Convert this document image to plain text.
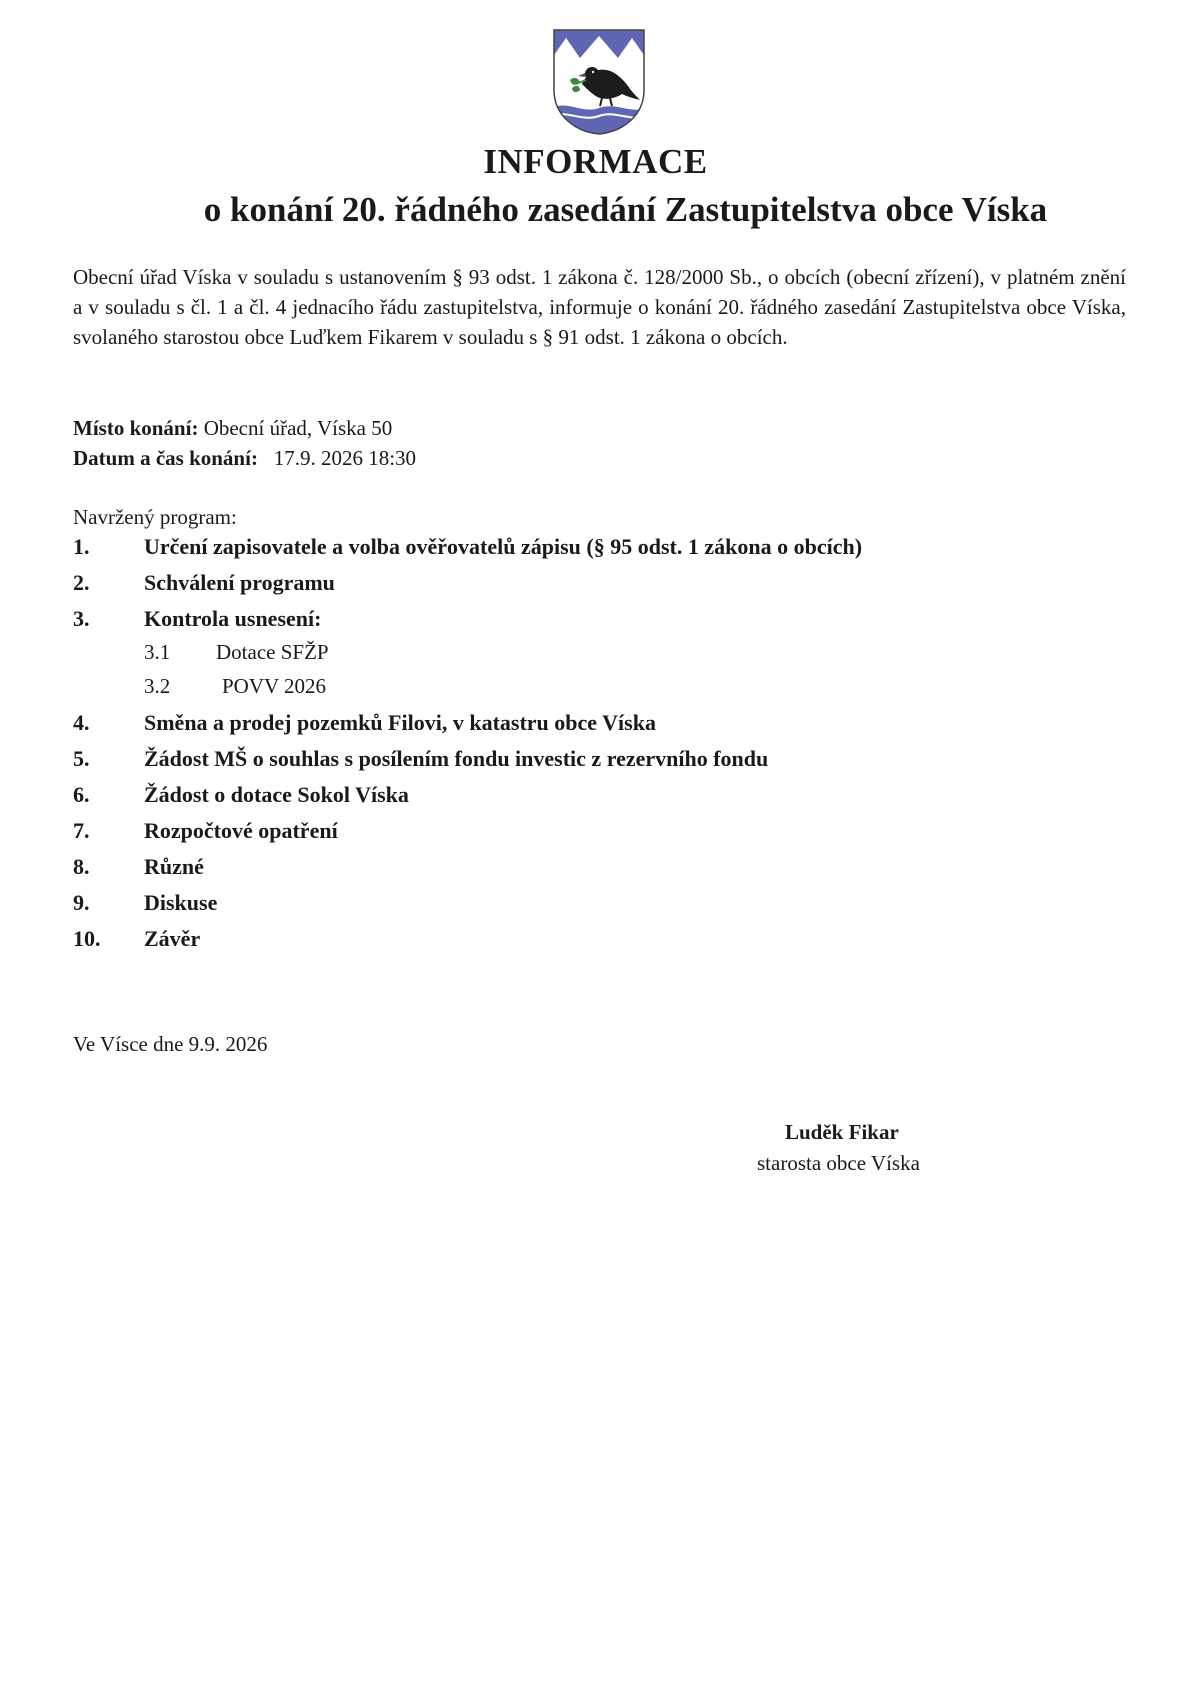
INFORMACE
o konání 20. řádného zasedání Zastupitelstva obce Víska

Obecní úřad Víska v souladu s ustanovením § 93 odst. 1 zákona č. 128/2000 Sb., o obcích (obecní zřízení), v platném znění a v souladu s čl. 1 a čl. 4 jednacího řádu zastupitelstva, informuje o konání 20. řádného zasedání Zastupitelstva obce Víska, svolaného starostou obce Luďkem Fikarem v souladu s § 91 odst. 1 zákona o obcích.

Místo konání: Obecní úřad, Víska 50

Datum a čas konání: 17.9. 2026 18:30

Navržený program:

1.	Určení zapisovatele a volba ověřovatelů zápisu (§ 95 odst. 1 zákona o obcích)
2.	Schválení programu
3.	Kontrola usnesení:
3.1 Dotace SFŽP
3.2 POVV 2026
4.	Směna a prodej pozemků Filovi, v katastru obce Víska
5.	Žádost MŠ o souhlas s posílením fondu investic z rezervního fondu
6.	Žádost o dotace Sokol Víska
7.	Rozpočtové opatření
8.	Různé
9.	Diskuse
10.	Závěr

Ve Vísce dne 9.9. 2026

Luděk Fikar

starosta obce Víska
